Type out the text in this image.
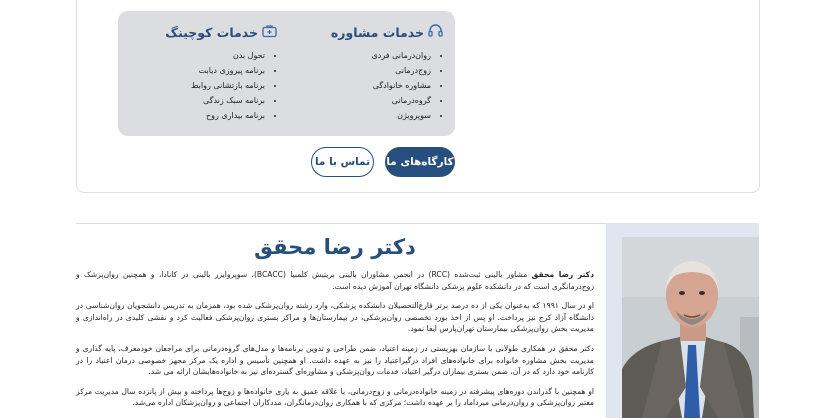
خدمات مشاوره
• روان‌درمانی فردی
• زوج‌درمانی
• مشاوره خانوادگی
• گروه‌درمانی
• سوپرویژن
خدمات کوچینگ
• تحول بدن
• برنامه پیروزی دیابت
• برنامه بازتشانی روابط
• برنامه سبک زندگی
• برنامه بیداری روح
کارگاه‌های ما
تماس با ما
دکتر رضا محقق

دکتر رضا محقق مشاور بالینی ثبت‌شده (RCC) در انجمن مشاوران بالینی بریتیش کلمبیا (BCACC)، سوپروایزر بالینی در کانادا، و همچنین روان‌پزشک و زوج‌درمانگری است که در دانشکده علوم پزشکی دانشگاه تهران آموزش دیده است.

او در سال ۱۹۹۱ که به‌عنوان یکی از ده درصد برتر فارغ‌التحصیلان دانشکده پزشکی، وارد رشته روان‌پزشکی شده بود، همزمان به تدریس دانشجویان روان‌شناسی در دانشگاه آزاد کرج نیز پرداخت. او پس از اخذ بورد تخصصی روان‌پزشکی، در بیمارستان‌ها و مراکز بستری روان‌پزشکی فعالیت کرد و نقشی کلیدی در راه‌اندازی و مدیریت بخش روان‌پزشکی بیمارستان تهران‌پارس ایفا نمود.

دکتر محقق در همکاری طولانی با سازمان بهزیستی در زمینه اعتیاد، ضمن طراحی و تدوین برنامه‌ها و مدل‌های گروه‌درمانی برای مراجعان خودمعرف، پایه گذاری و مدیریت بخش مشاوره خانواده برای خانواده‌های افراد درگیراعتیاد را نیز به عهده داشت. او همچنین تأسیس و اداره یک مرکز مجهز خصوصی درمان اعتیاد را در کارنامه خود دارد که در آن، ضمن بستری بیماران درگیر اعتیاد، خدمات روان‌پزشکی و مشاوره‌ای گسترده‌ای نیز به خانواده‌هایشان ارائه می شد.

او همچنین با گذراندن دوره‌های پیشرفته در زمینه خانواده‌درمانی و زوج‌درمانی، با علاقه عمیق به یاری خانواده‌ها و زوج‌ها پرداخته و بیش از پانزده سال مدیریت مرکز معتبر روان‌پزشکی و روان‌درمانی میرداماد را بر عهده داشت؛ مرکزی که با همکاری روان‌درمانگران، مددکاران اجتماعی و روان‌پزشکان اداره می‌شد.
